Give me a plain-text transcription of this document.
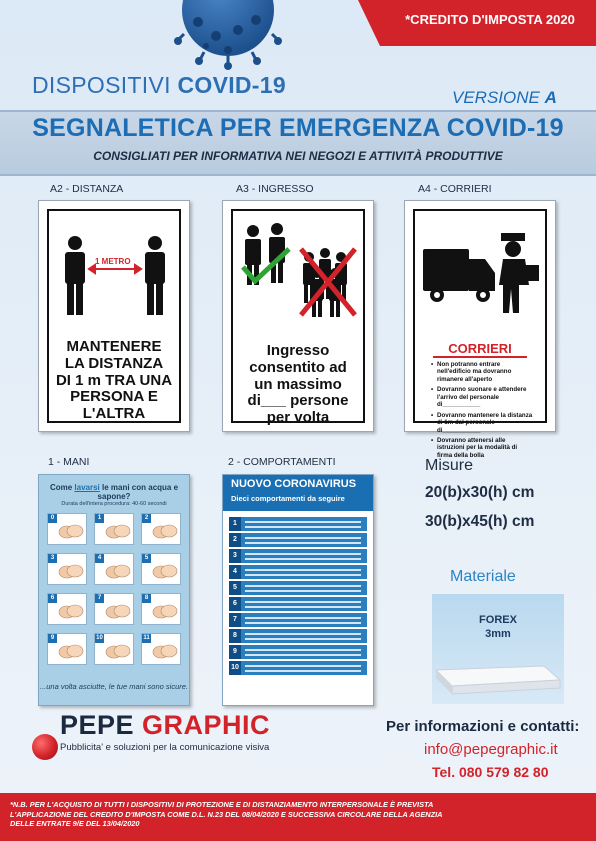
*CREDITO D'IMPOSTA 2020
DISPOSITIVI COVID-19	VERSIONE A
SEGNALETICA PER EMERGENZA COVID-19
CONSIGLIATI PER INFORMATIVA NEI NEGOZI E ATTIVITÀ PRODUTTIVE
A2 - DISTANZA
1 METRO
MANTENERE
LA DISTANZA
DI 1 m TRA UNA
PERSONA E
L'ALTRA
A3 - INGRESSO
Ingresso
consentito ad
un massimo
di___ persone
per volta
A4 - CORRIERI
CORRIERI
• Non potranno entrare nell'edificio ma dovranno rimanere all'aperto
• Dovranno suonare e attendere l'arrivo del personale di___________
• Dovranno mantenere la distanza di 1m dal personale di___________
• Dovranno attenersi alle istruzioni per la modalità di firma della bolla
1 - MANI
Come lavarsi le mani con acqua e sapone?
Durata dell'intera procedura: 40-60 secondi
0	1	2
3	4	5
6	7	8
9	10	11
...una volta asciutte, le tue mani sono sicure.
2 - COMPORTAMENTI
NUOVO CORONAVIRUS
Dieci comportamenti da seguire
1
2
3
4
5
6
7
8
9
10
Misure
20(b)x30(h) cm
30(b)x45(h) cm
Materiale
FOREX
3mm
PEPE GRAPHIC
Pubblicita' e soluzioni per la comunicazione visiva
Per informazioni e contatti:
info@pepegraphic.it
Tel. 080 579 82 80
*N.B. PER L'ACQUISTO DI TUTTI I DISPOSITIVI DI PROTEZIONE E DI DISTANZIAMENTO INTERPERSONALE È PREVISTA L'APPLICAZIONE DEL CREDITO D'IMPOSTA COME D.L. N.23 DEL 08/04/2020 E SUCCESSIVA CIRCOLARE DELLA AGENZIA DELLE ENTRATE 9/E DEL 13/04/2020
